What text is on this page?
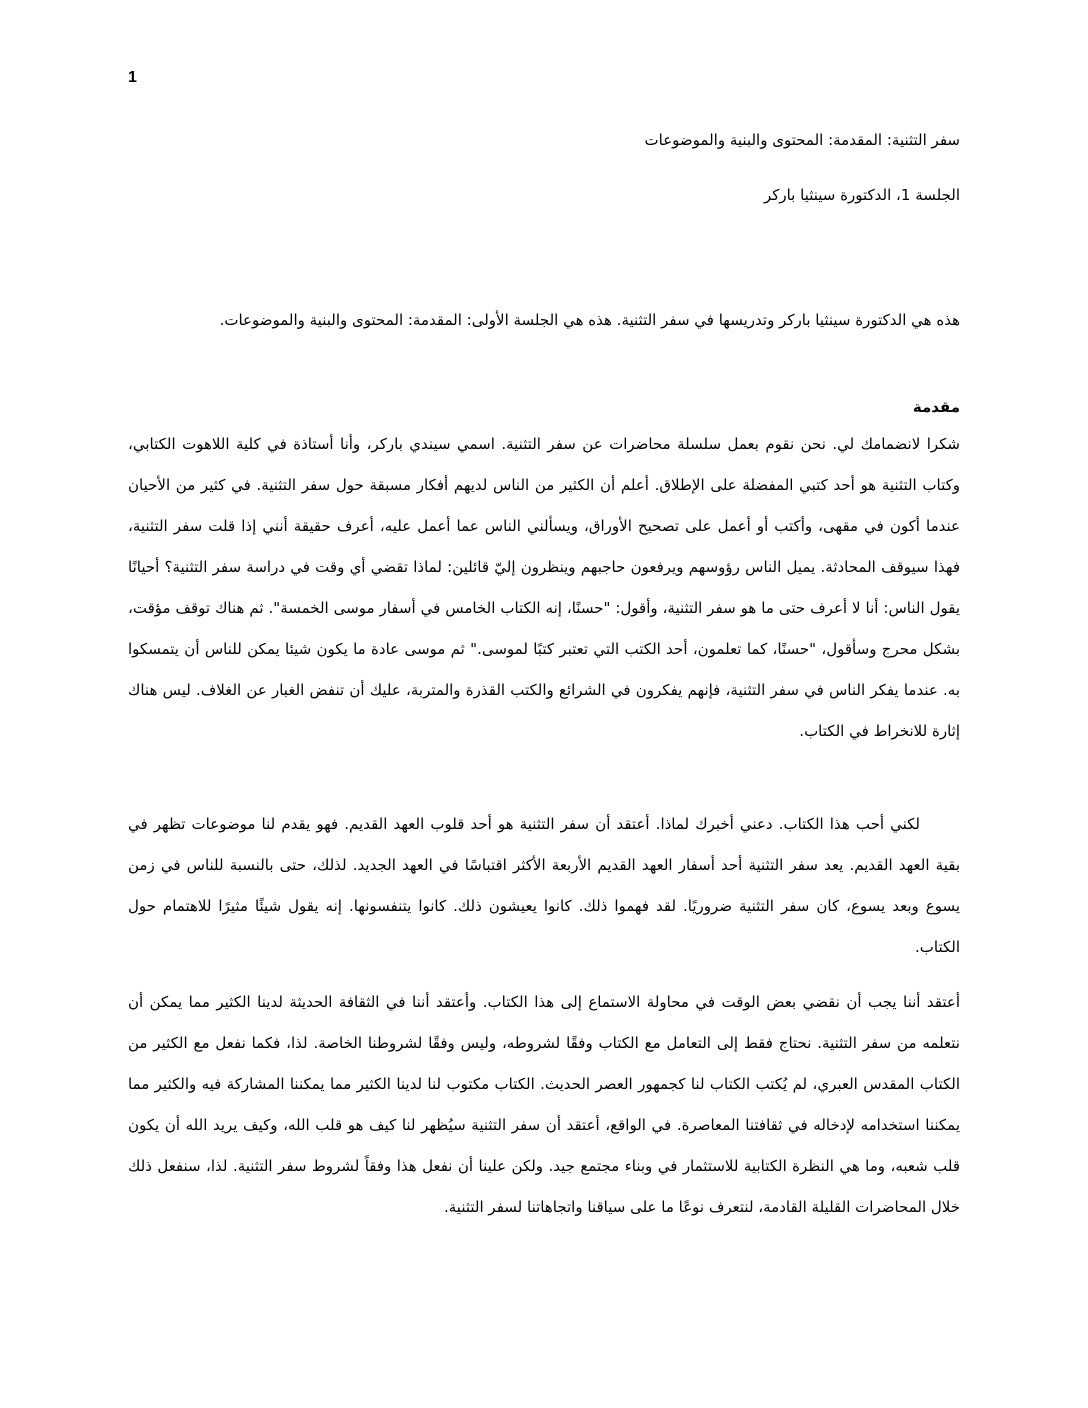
1
سفر التثنية: المقدمة: المحتوى والبنية والموضوعات
الجلسة 1، الدكتورة سينثيا باركر
هذه هي الدكتورة سينثيا باركر وتدريسها في سفر التثنية. هذه هي الجلسة الأولى: المقدمة: المحتوى والبنية والموضوعات.
مقدمة

شكرا لانضمامك لي. نحن نقوم بعمل سلسلة محاضرات عن سفر التثنية. اسمي سيندي باركر، وأنا أستاذة في كلية اللاهوت الكتابي، وكتاب التثنية هو أحد كتبي المفضلة على الإطلاق. أعلم أن الكثير من الناس لديهم أفكار مسبقة حول سفر التثنية. في كثير من الأحيان عندما أكون في مقهى، وأكتب أو أعمل على تصحيح الأوراق، ويسألني الناس عما أعمل عليه، أعرف حقيقة أنني إذا قلت سفر التثنية، فهذا سيوقف المحادثة. يميل الناس رؤوسهم ويرفعون حاجبهم وينظرون إليّ قائلين: لماذا تقضي أي وقت في دراسة سفر التثنية؟ أحيانًا يقول الناس: أنا لا أعرف حتى ما هو سفر التثنية، وأقول: "حسنًا، إنه الكتاب الخامس في أسفار موسى الخمسة". ثم هناك توقف مؤقت، بشكل محرج وسأقول، "حسنًا، كما تعلمون، أحد الكتب التي تعتبر كتبًا لموسى." ثم موسى عادة ما يكون شيئا يمكن للناس أن يتمسكوا به. عندما يفكر الناس في سفر التثنية، فإنهم يفكرون في الشرائع والكتب القذرة والمتربة، عليك أن تنفض الغبار عن الغلاف. ليس هناك إثارة للانخراط في الكتاب.

لكني أحب هذا الكتاب. دعني أخبرك لماذا. أعتقد أن سفر التثنية هو أحد قلوب العهد القديم. فهو يقدم لنا موضوعات تظهر في بقية العهد القديم. يعد سفر التثنية أحد أسفار العهد القديم الأربعة الأكثر اقتباسًا في العهد الجديد. لذلك، حتى بالنسبة للناس في زمن يسوع وبعد يسوع، كان سفر التثنية ضروريًا. لقد فهموا ذلك. كانوا يعيشون ذلك. كانوا يتنفسونها. إنه يقول شيئًا مثيرًا للاهتمام حول الكتاب.

أعتقد أننا يجب أن نقضي بعض الوقت في محاولة الاستماع إلى هذا الكتاب. وأعتقد أننا في الثقافة الحديثة لدينا الكثير مما يمكن أن نتعلمه من سفر التثنية. نحتاج فقط إلى التعامل مع الكتاب وفقًا لشروطه، وليس وفقًا لشروطنا الخاصة. لذا، فكما نفعل مع الكثير من الكتاب المقدس العبري، لم يُكتب الكتاب لنا كجمهور العصر الحديث. الكتاب مكتوب لنا لدينا الكثير مما يمكننا المشاركة فيه والكثير مما يمكننا استخدامه لإدخاله في ثقافتنا المعاصرة. في الواقع، أعتقد أن سفر التثنية سيُظهر لنا كيف هو قلب الله، وكيف يريد الله أن يكون قلب شعبه، وما هي النظرة الكتابية للاستثمار في وبناء مجتمع جيد. ولكن علينا أن نفعل هذا وفقاً لشروط سفر التثنية. لذا، سنفعل ذلك خلال المحاضرات القليلة القادمة، لنتعرف نوعًا ما على سياقنا واتجاهاتنا لسفر التثنية.
